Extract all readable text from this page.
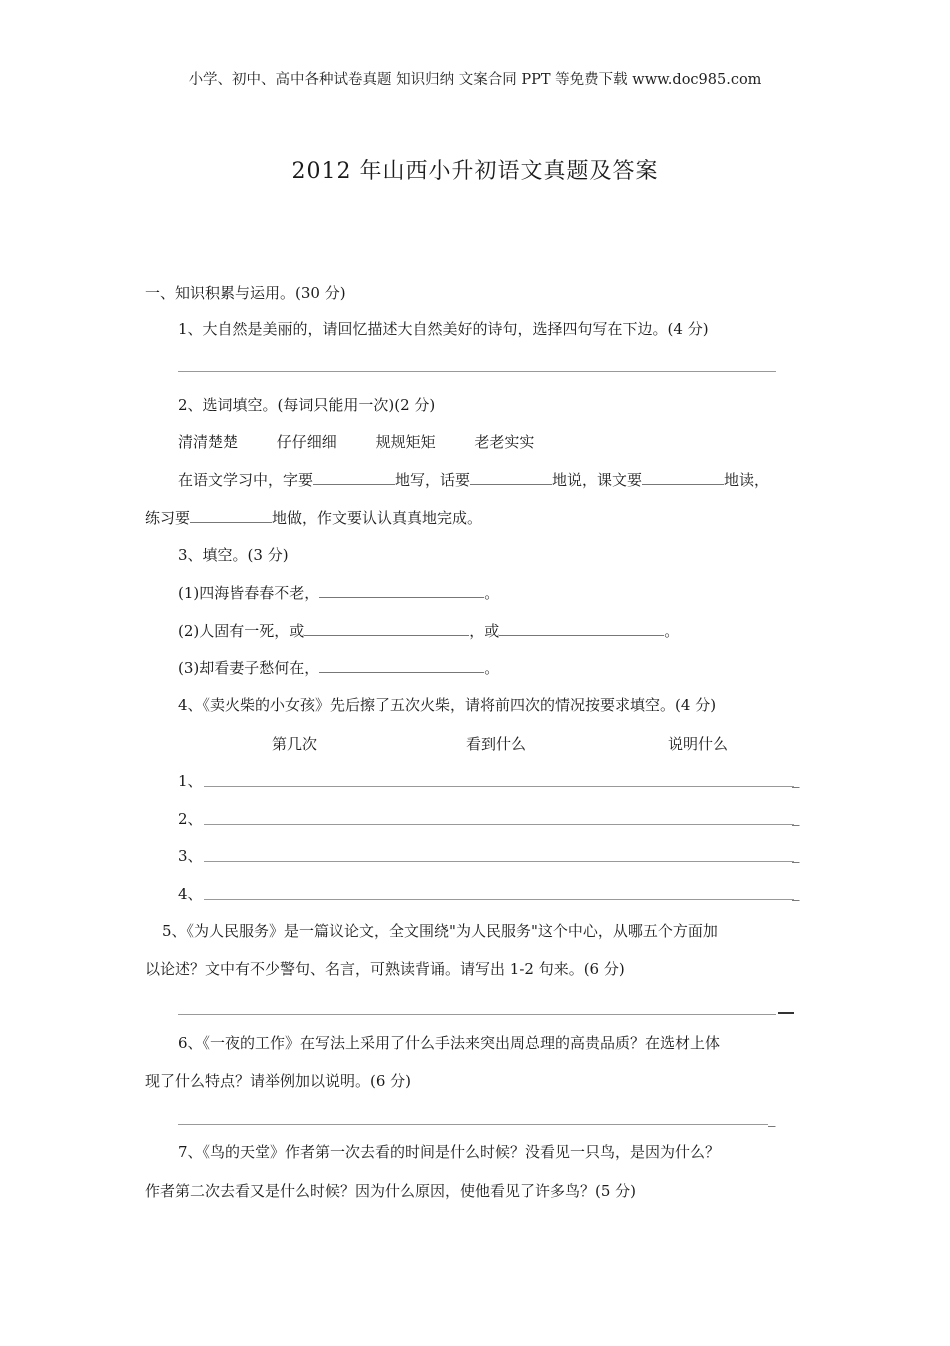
小学、初中、高中各种试卷真题 知识归纳 文案合同 PPT 等免费下载 www.doc985.com
2012 年山西小升初语文真题及答案
一、知识积累与运用。(30 分)
1、大自然是美丽的，请回忆描述大自然美好的诗句，选择四句写在下边。(4 分)
2、选词填空。(每词只能用一次)(2 分)
清清楚楚	仔仔细细	规规矩矩	老老实实
在语文学习中，字要	地写，话要	地说，课文要	地读，
练习要	地做，作文要认认真真地完成。
3、填空。(3 分)
(1)四海皆春春不老，	。
(2)人固有一死，或	，或	。
(3)却看妻子愁何在，	。
4、《卖火柴的小女孩》先后擦了五次火柴，请将前四次的情况按要求填空。(4 分)
第几次	看到什么	说明什么
1、	_
2、	_
3、	_
4、	_
5、《为人民服务》是一篇议论文，全文围绕"为人民服务"这个中心，从哪五个方面加
以论述？文中有不少警句、名言，可熟读背诵。请写出 1-2 句来。(6 分)
6、《一夜的工作》在写法上采用了什么手法来突出周总理的高贵品质？在选材上体
现了什么特点？请举例加以说明。(6 分)
_
7、《鸟的天堂》作者第一次去看的时间是什么时候？没看见一只鸟，是因为什么？
作者第二次去看又是什么时候？因为什么原因，使他看见了许多鸟？(5 分)
